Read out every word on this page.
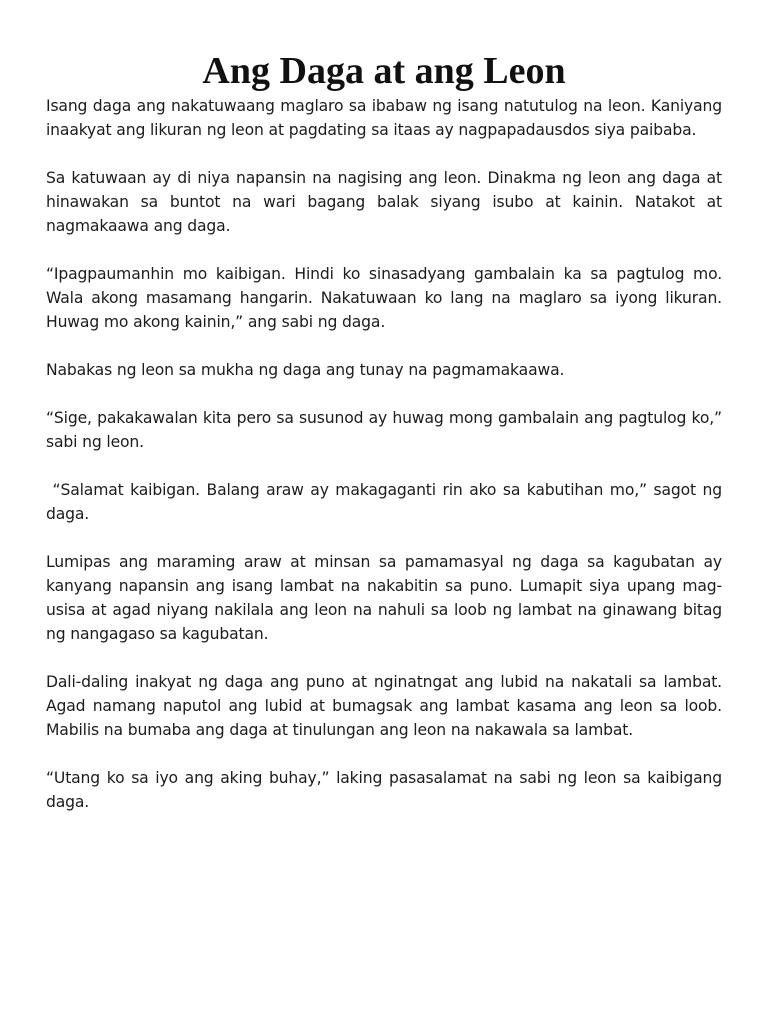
Ang Daga at ang Leon

Isang daga ang nakatuwaang maglaro sa ibabaw ng isang natutulog na leon. Kaniyang inaakyat ang likuran ng leon at pagdating sa itaas ay nagpapadausdos siya paibaba.

Sa katuwaan ay di niya napansin na nagising ang leon. Dinakma ng leon ang daga at hinawakan sa buntot na wari bagang balak siyang isubo at kainin. Natakot at nagmakaawa ang daga.

“Ipagpaumanhin mo kaibigan. Hindi ko sinasadyang gambalain ka sa pagtulog mo. Wala akong masamang hangarin. Nakatuwaan ko lang na maglaro sa iyong likuran. Huwag mo akong kainin,” ang sabi ng daga.

Nabakas ng leon sa mukha ng daga ang tunay na pagmamakaawa.

“Sige, pakakawalan kita pero sa susunod ay huwag mong gambalain ang pagtulog ko,” sabi ng leon.

“Salamat kaibigan. Balang araw ay makagaganti rin ako sa kabutihan mo,” sagot ng daga.

Lumipas ang maraming araw at minsan sa pamamasyal ng daga sa kagubatan ay kanyang napansin ang isang lambat na nakabitin sa puno. Lumapit siya upang mag-usisa at agad niyang nakilala ang leon na nahuli sa loob ng lambat na ginawang bitag ng nangagaso sa kagubatan.

Dali-daling inakyat ng daga ang puno at nginatngat ang lubid na nakatali sa lambat. Agad namang naputol ang lubid at bumagsak ang lambat kasama ang leon sa loob. Mabilis na bumaba ang daga at tinulungan ang leon na nakawala sa lambat.

“Utang ko sa iyo ang aking buhay,” laking pasasalamat na sabi ng leon sa kaibigang daga.
